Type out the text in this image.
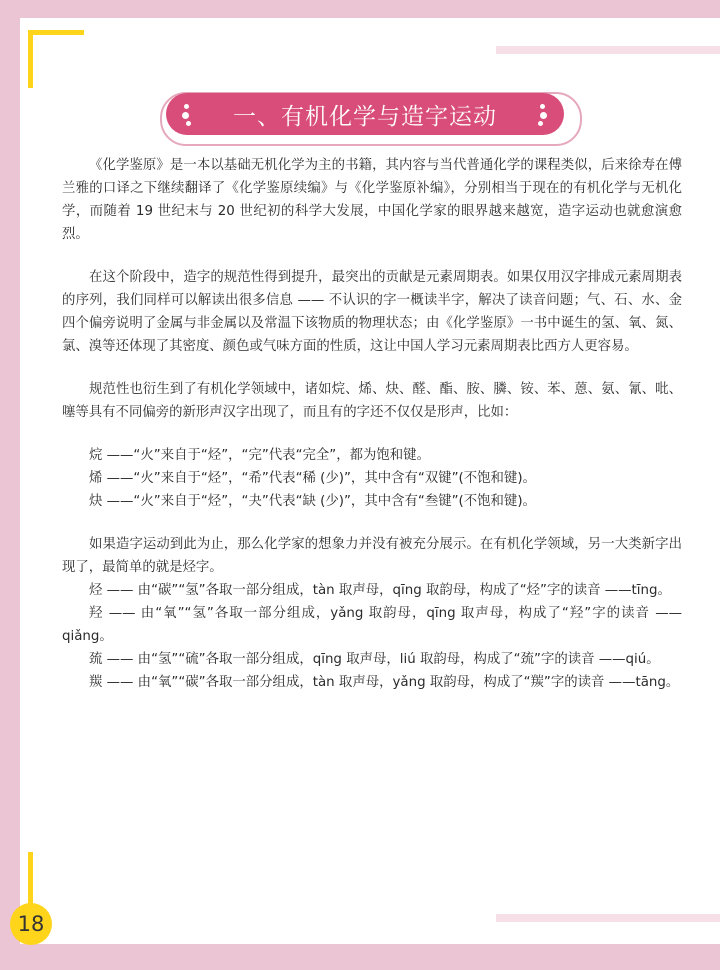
一、有机化学与造字运动

《化学鉴原》是一本以基础无机化学为主的书籍，其内容与当代普通化学的课程类似，后来徐寿在傅兰雅的口译之下继续翻译了《化学鉴原续编》与《化学鉴原补编》，分别相当于现在的有机化学与无机化学，而随着 19 世纪末与 20 世纪初的科学大发展，中国化学家的眼界越来越宽，造字运动也就愈演愈烈。

在这个阶段中，造字的规范性得到提升，最突出的贡献是元素周期表。如果仅用汉字排成元素周期表的序列，我们同样可以解读出很多信息 —— 不认识的字一概读半字，解决了读音问题；气、石、水、金四个偏旁说明了金属与非金属以及常温下该物质的物理状态；由《化学鉴原》一书中诞生的氢、氧、氮、氯、溴等还体现了其密度、颜色或气味方面的性质，这让中国人学习元素周期表比西方人更容易。

规范性也衍生到了有机化学领域中，诸如烷、烯、炔、醛、酯、胺、膦、铵、苯、蒽、氨、氰、吡、噻等具有不同偏旁的新形声汉字出现了，而且有的字还不仅仅是形声，比如：

烷 ——“火”来自于“烃”，“完”代表“完全”，都为饱和键。

烯 ——“火”来自于“烃”，“希”代表“稀 (少)”，其中含有“双键”(不饱和键)。

炔 ——“火”来自于“烃”，“夬”代表“缺 (少)”，其中含有“叁键”(不饱和键)。

如果造字运动到此为止，那么化学家的想象力并没有被充分展示。在有机化学领域，另一大类新字出现了，最简单的就是烃字。

烃 —— 由“碳”“氢”各取一部分组成，tàn 取声母，qīng 取韵母，构成了“烃”字的读音 ——tīng。

羟 —— 由“氧”“氢”各取一部分组成，yǎng 取韵母，qīng 取声母，构成了“羟”字的读音 ——qiǎng。

巯 —— 由“氢”“硫”各取一部分组成，qīng 取声母，liú 取韵母，构成了“巯”字的读音 ——qiú。

羰 —— 由“氧”“碳”各取一部分组成，tàn 取声母，yǎng 取韵母，构成了“羰”字的读音 ——tāng。

18
